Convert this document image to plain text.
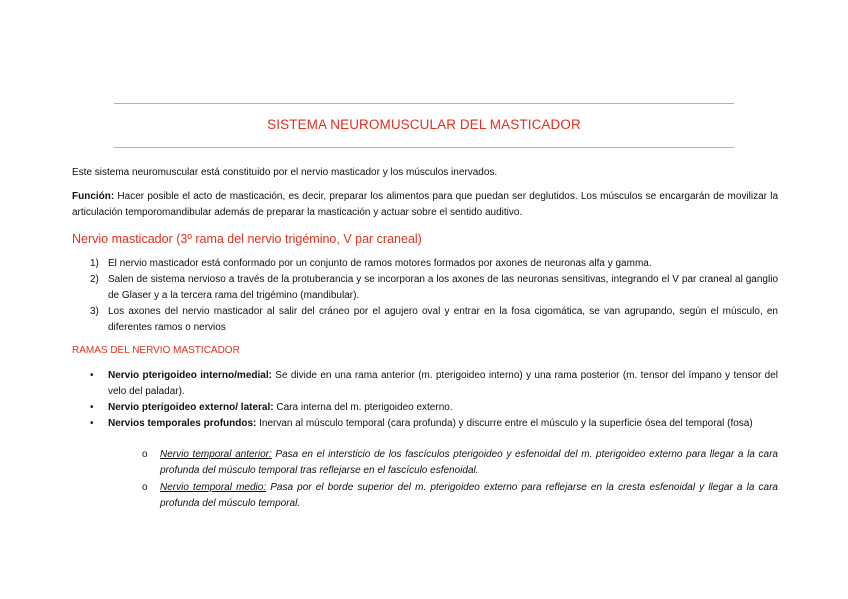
SISTEMA NEUROMUSCULAR DEL MASTICADOR
Este sistema neuromuscular está constituido por el nervio masticador y los músculos inervados.
Función: Hacer posible el acto de masticación, es decir, preparar los alimentos para que puedan ser deglutidos. Los músculos se encargarán de movilizar la articulación temporomandibular además de preparar la masticación y actuar sobre el sentido auditivo.
Nervio masticador (3º rama del nervio trigémino, V par craneal)
1) El nervio masticador está conformado por un conjunto de ramos motores formados por axones de neuronas alfa y gamma.
2) Salen de sistema nervioso a través de la protuberancia y se incorporan a los axones de las neuronas sensitivas, integrando el V par craneal al ganglio de Glaser y a la tercera rama del trigémino (mandibular).
3) Los axones del nervio masticador al salir del cráneo por el agujero oval y entrar en la fosa cigomática, se van agrupando, según el músculo, en diferentes ramos o nervios
RAMAS DEL NERVIO MASTICADOR
• Nervio pterigoideo interno/medial: Se divide en una rama anterior (m. pterigoideo interno) y una rama posterior (m. tensor del ímpano y tensor del velo del paladar).
• Nervio pterigoideo externo/ lateral: Cara interna del m. pterigoideo externo.
• Nervios temporales profundos: Inervan al músculo temporal (cara profunda) y discurre entre el músculo y la superficie ósea del temporal (fosa)
o Nervio temporal anterior: Pasa en el intersticio de los fascículos pterigoideo y esfenoidal del m. pterigoideo externo para llegar a la cara profunda del músculo temporal tras reflejarse en el fascículo esfenoidal.
o Nervio temporal medio: Pasa por el borde superior del m. pterigoideo externo para reflejarse en la cresta esfenoidal y llegar a la cara profunda del músculo temporal.
